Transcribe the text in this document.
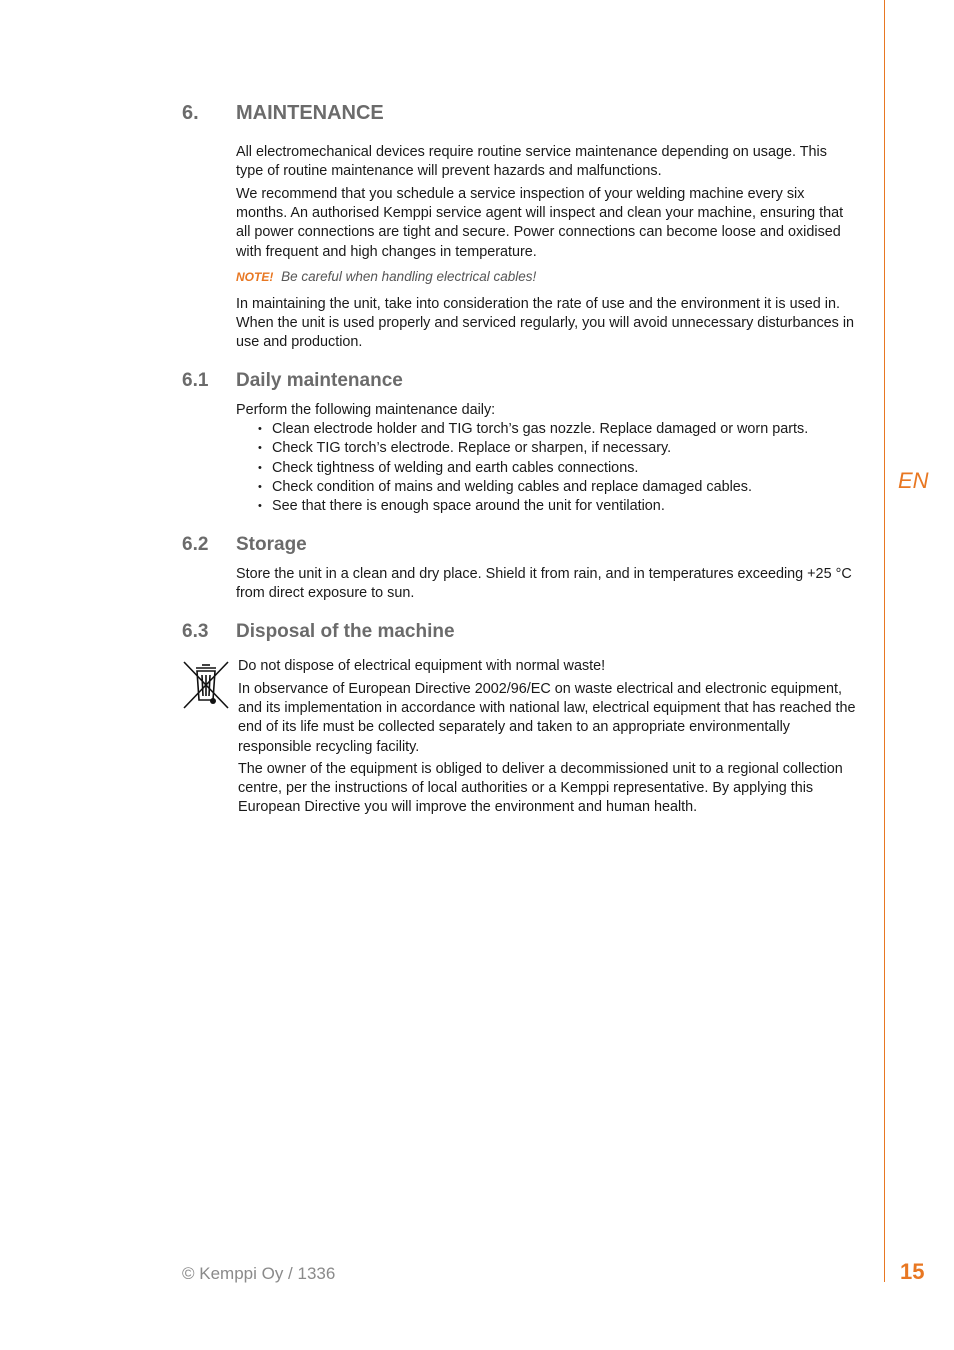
EN
6. MAINTENANCE

All electromechanical devices require routine service maintenance depending on usage. This type of routine maintenance will prevent hazards and malfunctions.

We recommend that you schedule a service inspection of your welding machine every six months. An authorised Kemppi service agent will inspect and clean your machine, ensuring that all power connections are tight and secure. Power connections can become loose and oxidised with frequent and high changes in temperature.

NOTE! Be careful when handling electrical cables!

In maintaining the unit, take into consideration the rate of use and the environment it is used in. When the unit is used properly and serviced regularly, you will avoid unnecessary disturbances in use and production.

6.1 Daily maintenance

Perform the following maintenance daily:

• Clean electrode holder and TIG torch’s gas nozzle. Replace damaged or worn parts.
• Check TIG torch’s electrode. Replace or sharpen, if necessary.
• Check tightness of welding and earth cables connections.
• Check condition of mains and welding cables and replace damaged cables.
• See that there is enough space around the unit for ventilation.
6.2 Storage

Store the unit in a clean and dry place. Shield it from rain, and in temperatures exceeding +25 °C from direct exposure to sun.

6.3 Disposal of the machine

Do not dispose of electrical equipment with normal waste!

In observance of European Directive 2002/96/EC on waste electrical and electronic equipment, and its implementation in accordance with national law, electrical equipment that has reached the end of its life must be collected separately and taken to an appropriate environmentally responsible recycling facility.

The owner of the equipment is obliged to deliver a decommissioned unit to a regional collection centre, per the instructions of local authorities or a Kemppi representative. By applying this European Directive you will improve the environment and human health.

© Kemppi Oy / 1336	15
